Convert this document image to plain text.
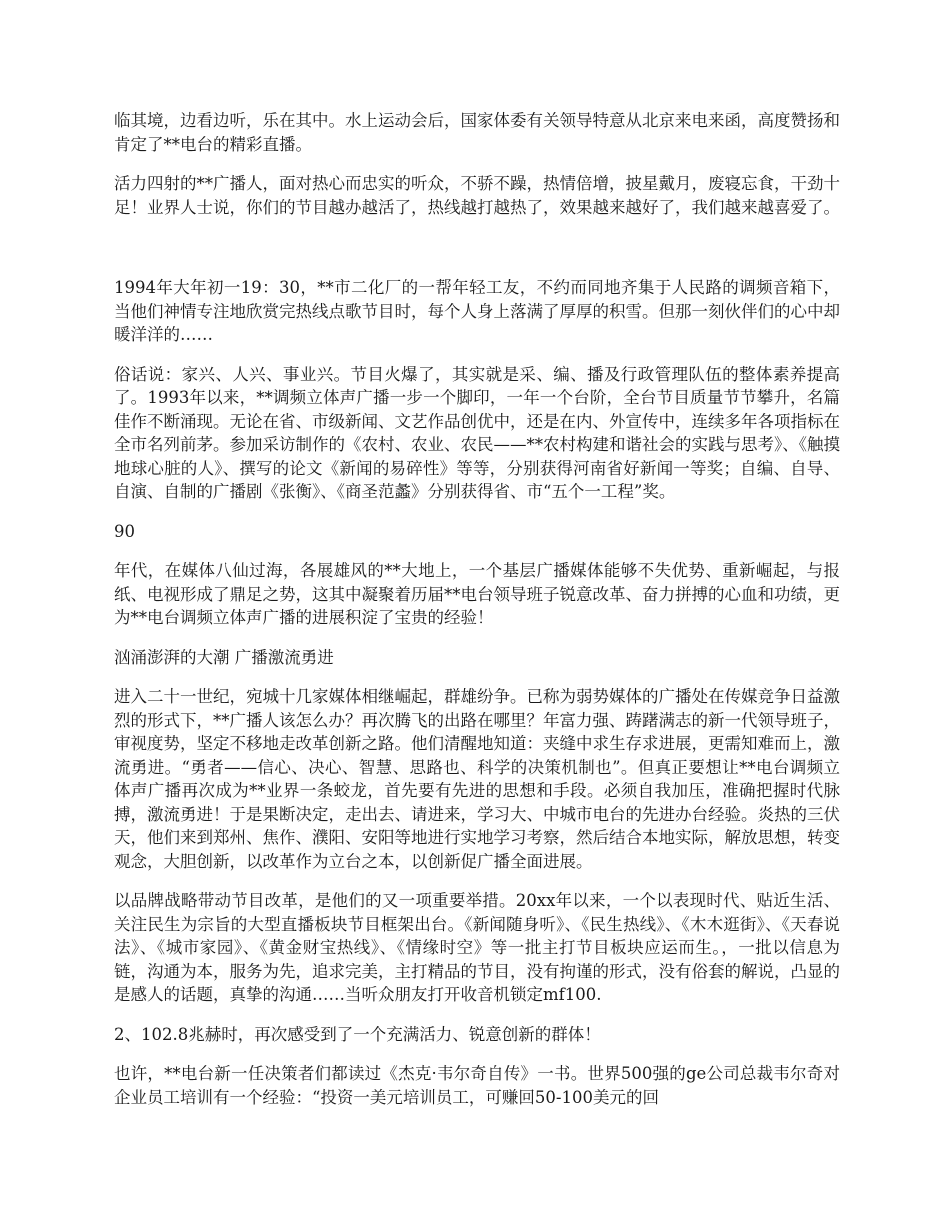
临其境，边看边听，乐在其中。水上运动会后，国家体委有关领导特意从北京来电来函，高度赞扬和肯定了**电台的精彩直播。

活力四射的**广播人，面对热心而忠实的听众，不骄不躁，热情倍增，披星戴月，废寝忘食，干劲十足！业界人士说，你们的节目越办越活了，热线越打越热了，效果越来越好了，我们越来越喜爱了。

1994年大年初一19：30，**市二化厂的一帮年轻工友，不约而同地齐集于人民路的调频音箱下，当他们神情专注地欣赏完热线点歌节目时，每个人身上落满了厚厚的积雪。但那一刻伙伴们的心中却暖洋洋的……

俗话说：家兴、人兴、事业兴。节目火爆了，其实就是采、编、播及行政管理队伍的整体素养提高了。1993年以来，**调频立体声广播一步一个脚印，一年一个台阶，全台节目质量节节攀升，名篇佳作不断涌现。无论在省、市级新闻、文艺作品创优中，还是在内、外宣传中，连续多年各项指标在全市名列前茅。参加采访制作的《农村、农业、农民——**农村构建和谐社会的实践与思考》、《触摸地球心脏的人》、撰写的论文《新闻的易碎性》等等，分别获得河南省好新闻一等奖；自编、自导、自演、自制的广播剧《张衡》、《商圣范蠡》分别获得省、市“五个一工程”奖。

90

年代，在媒体八仙过海，各展雄风的**大地上，一个基层广播媒体能够不失优势、重新崛起，与报纸、电视形成了鼎足之势，这其中凝聚着历届**电台领导班子锐意改革、奋力拼搏的心血和功绩，更为**电台调频立体声广播的进展积淀了宝贵的经验！

汹涌澎湃的大潮 广播激流勇进

进入二十一世纪，宛城十几家媒体相继崛起，群雄纷争。已称为弱势媒体的广播处在传媒竞争日益激烈的形式下，**广播人该怎么办？再次腾飞的出路在哪里？年富力强、踌躇满志的新一代领导班子，审视度势，坚定不移地走改革创新之路。他们清醒地知道：夹缝中求生存求进展，更需知难而上，激流勇进。“勇者——信心、决心、智慧、思路也、科学的决策机制也”。但真正要想让**电台调频立体声广播再次成为**业界一条蛟龙，首先要有先进的思想和手段。必须自我加压，准确把握时代脉搏，激流勇进！于是果断决定，走出去、请进来，学习大、中城市电台的先进办台经验。炎热的三伏天，他们来到郑州、焦作、濮阳、安阳等地进行实地学习考察，然后结合本地实际，解放思想，转变观念，大胆创新，以改革作为立台之本，以创新促广播全面进展。

以品牌战略带动节目改革，是他们的又一项重要举措。20xx年以来，一个以表现时代、贴近生活、关注民生为宗旨的大型直播板块节目框架出台。《新闻随身听》、《民生热线》、《木木逛街》、《天春说法》、《城市家园》、《黄金财宝热线》、《情缘时空》等一批主打节目板块应运而生。，一批以信息为链，沟通为本，服务为先，追求完美，主打精品的节目，没有拘谨的形式，没有俗套的解说，凸显的是感人的话题，真挚的沟通……当听众朋友打开收音机锁定mf100.

2、102.8兆赫时，再次感受到了一个充满活力、锐意创新的群体！

也许，**电台新一任决策者们都读过《杰克·韦尔奇自传》一书。世界500强的ge公司总裁韦尔奇对企业员工培训有一个经验：“投资一美元培训员工，可赚回50-100美元的回
